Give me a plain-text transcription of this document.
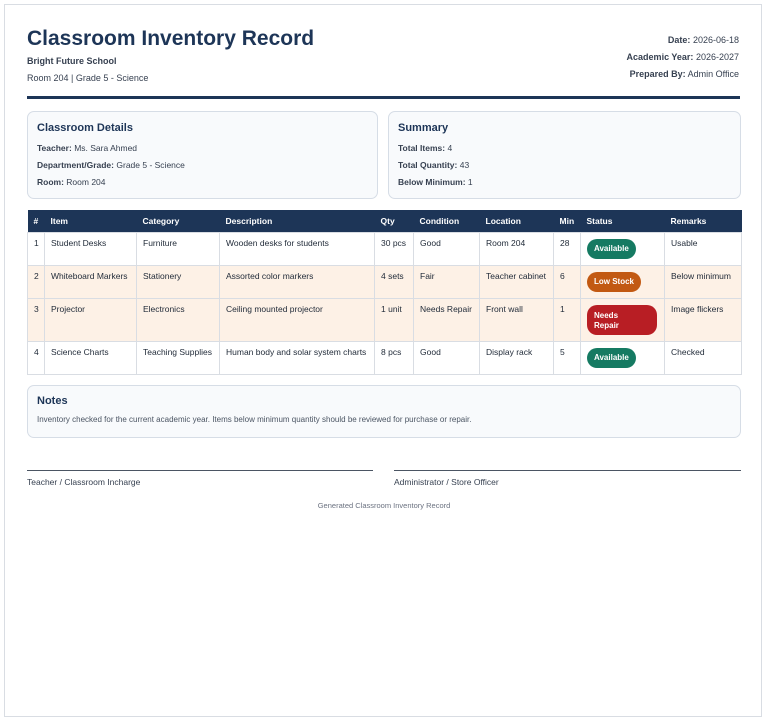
Classroom Inventory Record
Bright Future School
Room 204 | Grade 5 - Science
Date: 2026-06-18
Academic Year: 2026-2027
Prepared By: Admin Office
Classroom Details
Teacher: Ms. Sara Ahmed
Department/Grade: Grade 5 - Science
Room: Room 204
Summary
Total Items: 4
Total Quantity: 43
Below Minimum: 1
#	Item	Category	Description	Qty	Condition	Location	Min	Status	Remarks
1	Student Desks	Furniture	Wooden desks for students	30 pcs	Good	Room 204	28	Available	Usable
2	Whiteboard Markers	Stationery	Assorted color markers	4 sets	Fair	Teacher cabinet	6	Low Stock	Below minimum
3	Projector	Electronics	Ceiling mounted projector	1 unit	Needs Repair	Front wall	1	Needs Repair	Image flickers
4	Science Charts	Teaching Supplies	Human body and solar system charts	8 pcs	Good	Display rack	5	Available	Checked
Notes
Inventory checked for the current academic year. Items below minimum quantity should be reviewed for purchase or repair.
Teacher / Classroom Incharge	Administrator / Store Officer
Generated Classroom Inventory Record
